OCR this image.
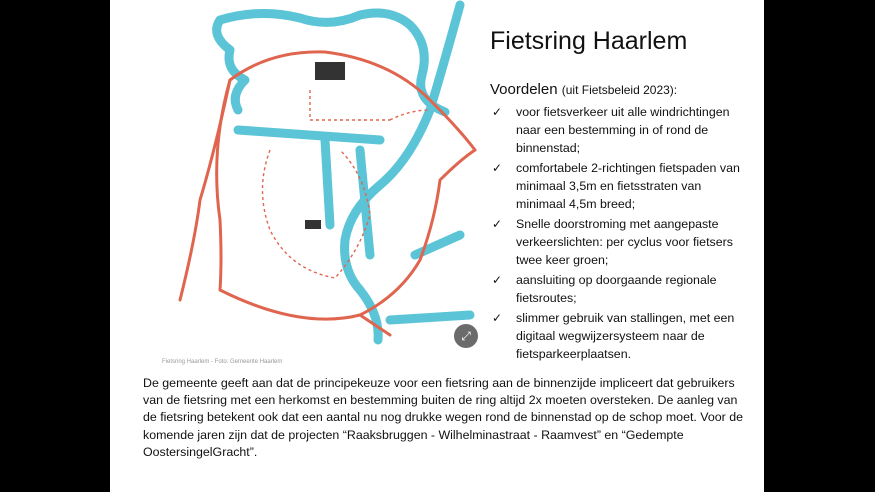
Fietsring Haarlem - Foto: Gemeente Haarlem
⤢
Fietsring Haarlem
Voordelen (uit Fietsbeleid 2023):
✓ voor fietsverkeer uit alle windrichtingen naar een bestemming in of rond de binnenstad;
✓ comfortabele 2-richtingen fietspaden van minimaal 3,5m en fietsstraten van minimaal 4,5m breed;
✓ Snelle doorstroming met aangepaste verkeerslichten: per cyclus voor fietsers twee keer groen;
✓ aansluiting op doorgaande regionale fietsroutes;
✓ slimmer gebruik van stallingen, met een digitaal wegwijzersysteem naar de fietsparkeerplaatsen.
De gemeente geeft aan dat de principekeuze voor een fietsring aan de binnenzijde impliceert dat gebruikers van de fietsring met een herkomst en bestemming buiten de ring altijd 2x moeten oversteken. De aanleg van de fietsring betekent ook dat een aantal nu nog drukke wegen rond de binnenstad op de schop moet. Voor de komende jaren zijn dat de projecten “Raaksbruggen - Wilhelminastraat - Raamvest” en “Gedempte OostersingelGracht”.
